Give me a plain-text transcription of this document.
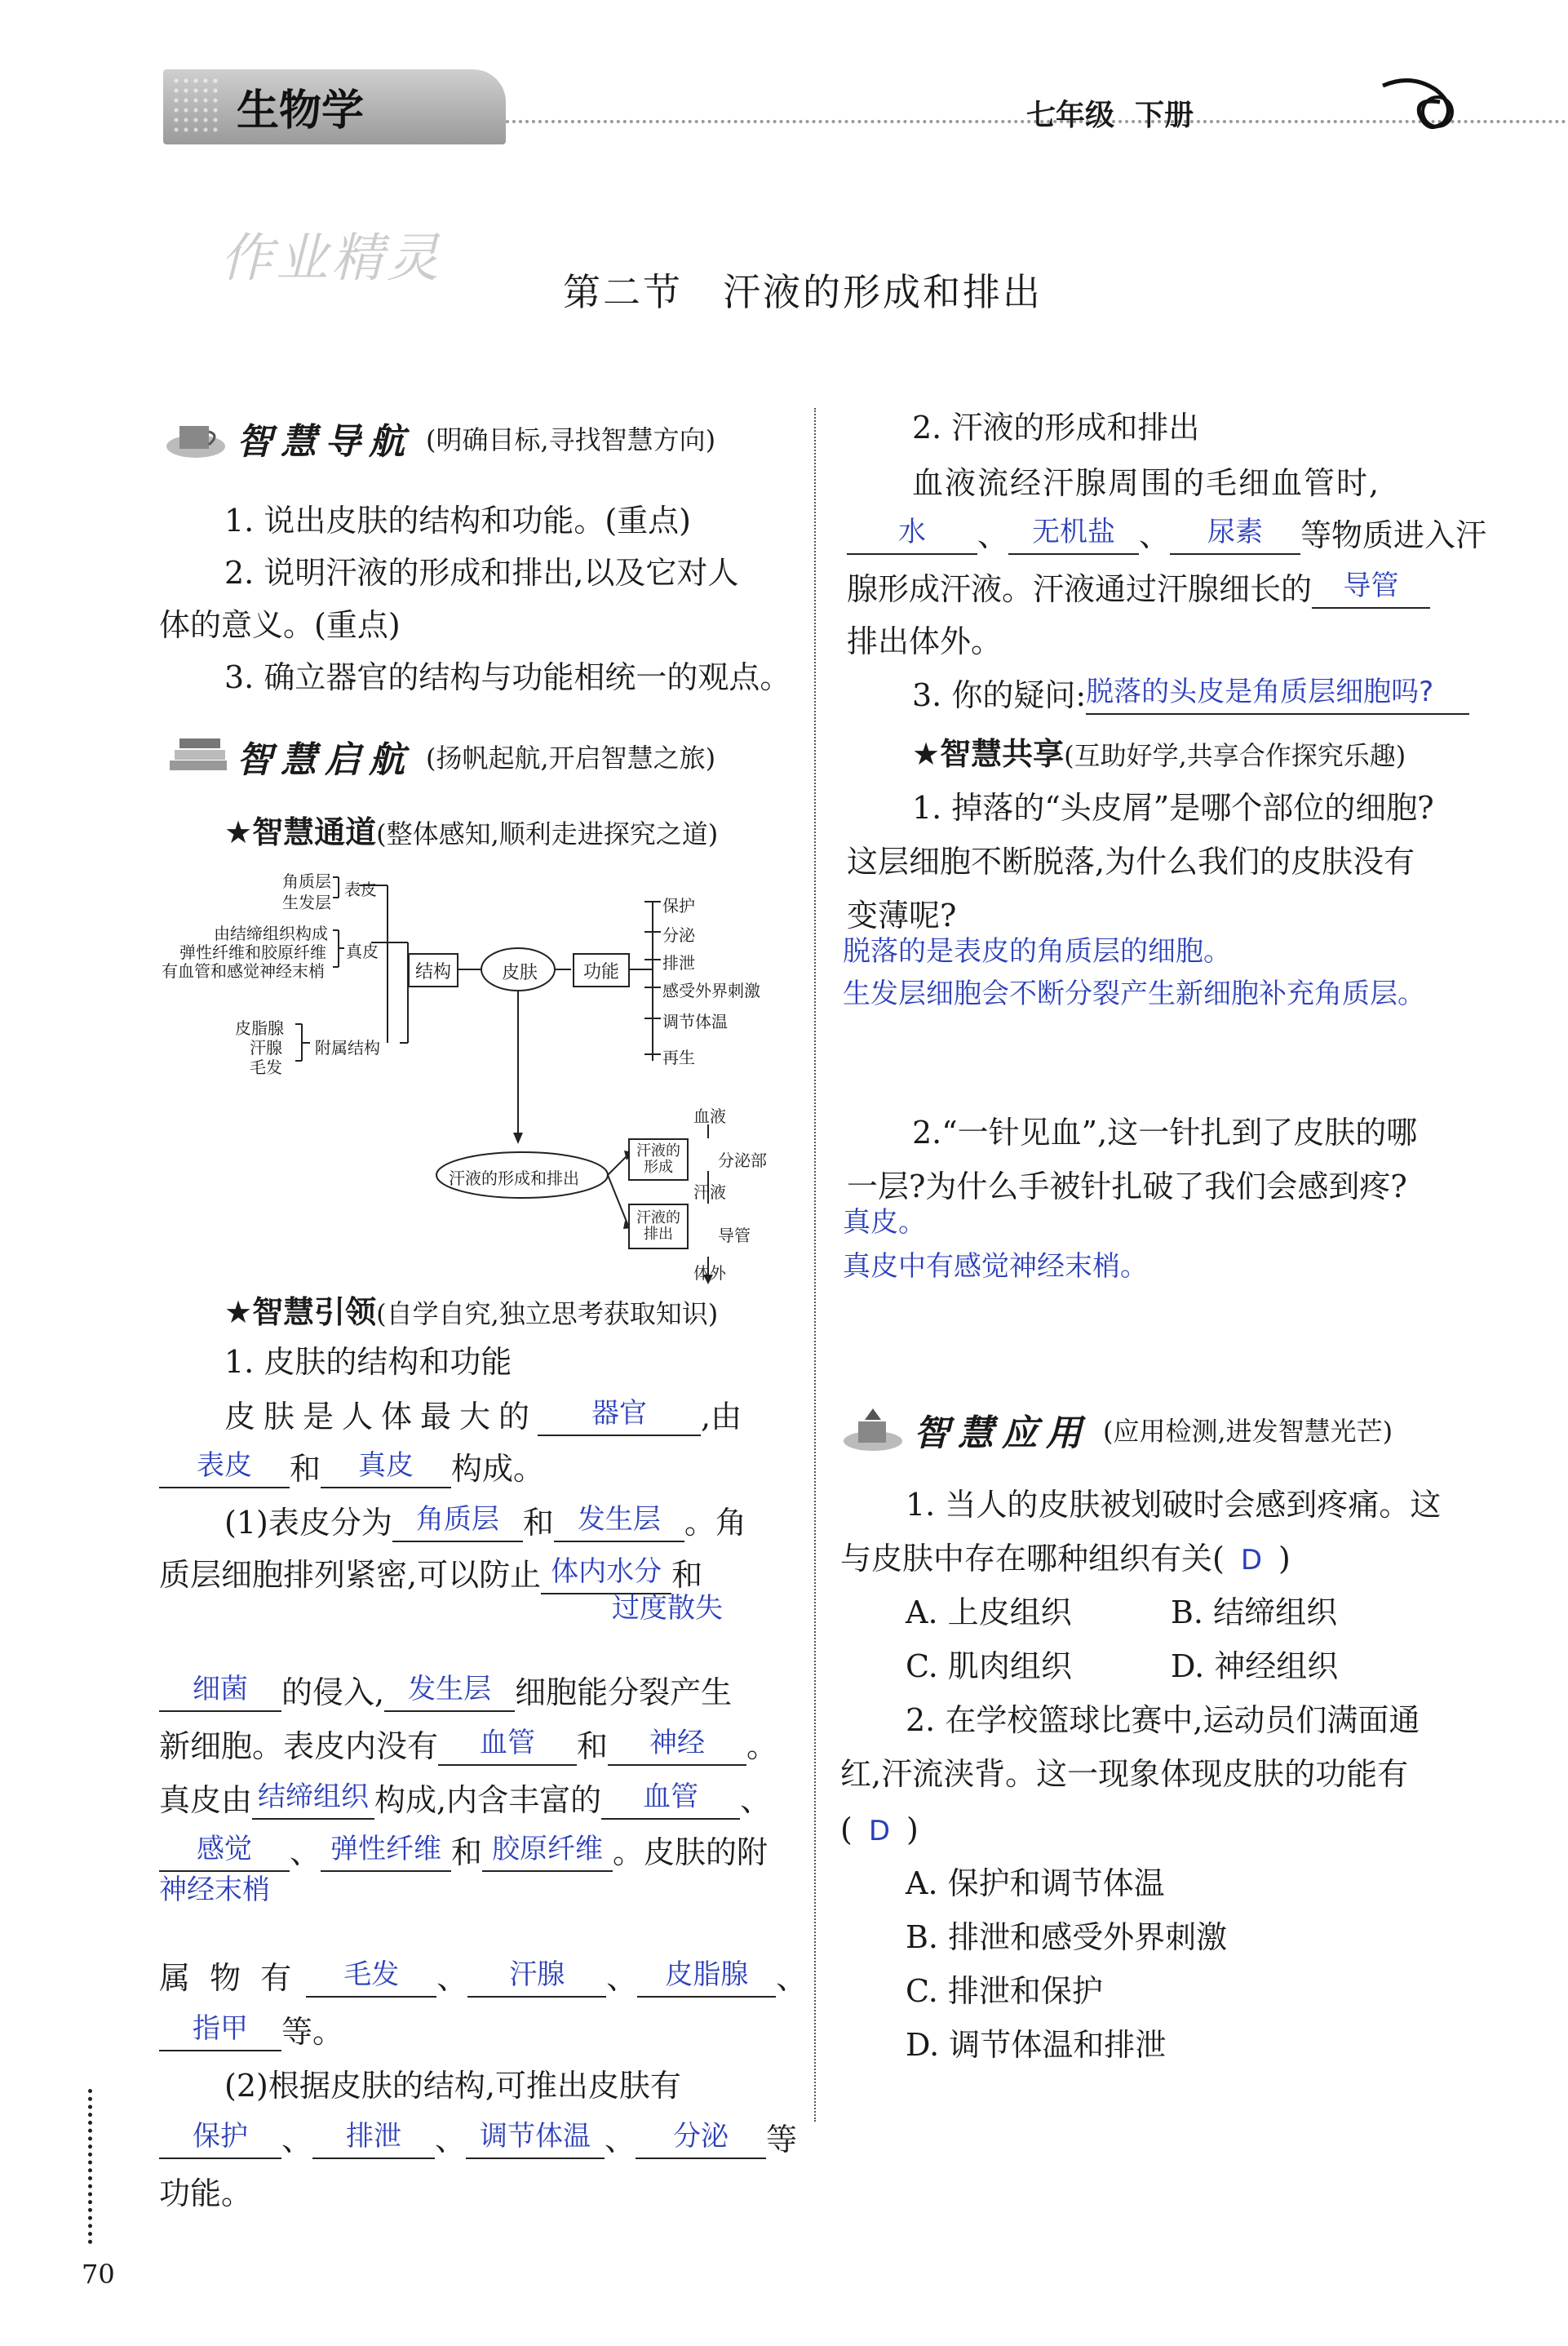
生物学	七年级 下册
作业精灵
第二节　汗液的形成和排出
智慧导航 (明确目标,寻找智慧方向)
1. 说出皮肤的结构和功能。(重点)
2. 说明汗液的形成和排出,以及它对人
体的意义。(重点)
3. 确立器官的结构与功能相统一的观点。
智慧启航 (扬帆起航,开启智慧之旅)
★智慧通道(整体感知,顺利走进探究之道)
角质层
生发层
表皮
由结缔组织构成
弹性纤维和胶原纤维
有血管和感觉神经末梢
真皮
皮脂腺
汗腺
毛发
附属结构
结构	皮肤	功能
保护
分泌
排泄
感受外界刺激
调节体温
再生
汗液的形成和排出
血液
汗液的形成	分泌部
汗液
汗液的排出	导管
体外
★智慧引领(自学自究,独立思考获取知识)
1. 皮肤的结构和功能
皮肤是人体最大的	器官	,由
表皮	和	真皮	构成。
(1)表皮分为 角质层 和 发生层 。角
质层细胞排列紧密,可以防止 体内水分 和
过度散失
细菌	的侵入, 发生层 细胞能分裂产生
新细胞。表皮内没有	血管	和	神经	。
真皮由 结缔组织 构成,内含丰富的	血管	、
感觉	、 弹性纤维 和 胶原纤维 。皮肤的附
神经末梢
属 物 有	毛发	、	汗腺	、	皮脂腺 、
指甲	等。
(2)根据皮肤的结构,可推出皮肤有
保护	、	排泄	、 调节体温 、	分泌	等
功能。
70
2. 汗液的形成和排出
血液流经汗腺周围的毛细血管时,
水	、 无机盐 、	尿素	等物质进入汗
腺形成汗液。汗液通过汗腺细长的	导管
排出体外。
3. 你的疑问: 脱落的头皮是角质层细胞吗?
★智慧共享(互助好学,共享合作探究乐趣)
1. 掉落的“头皮屑”是哪个部位的细胞?
这层细胞不断脱落,为什么我们的皮肤没有
变薄呢?
脱落的是表皮的角质层的细胞。
生发层细胞会不断分裂产生新细胞补充角质层。
2.“一针见血”,这一针扎到了皮肤的哪
一层?为什么手被针扎破了我们会感到疼?
真皮。
真皮中有感觉神经末梢。
智慧应用 (应用检测,进发智慧光芒)
1. 当人的皮肤被划破时会感到疼痛。这
与皮肤中存在哪种组织有关( D )
A. 上皮组织	B. 结缔组织
C. 肌肉组织	D. 神经组织
2. 在学校篮球比赛中,运动员们满面通
红,汗流浃背。这一现象体现皮肤的功能有
( D )
A. 保护和调节体温
B. 排泄和感受外界刺激
C. 排泄和保护
D. 调节体温和排泄
